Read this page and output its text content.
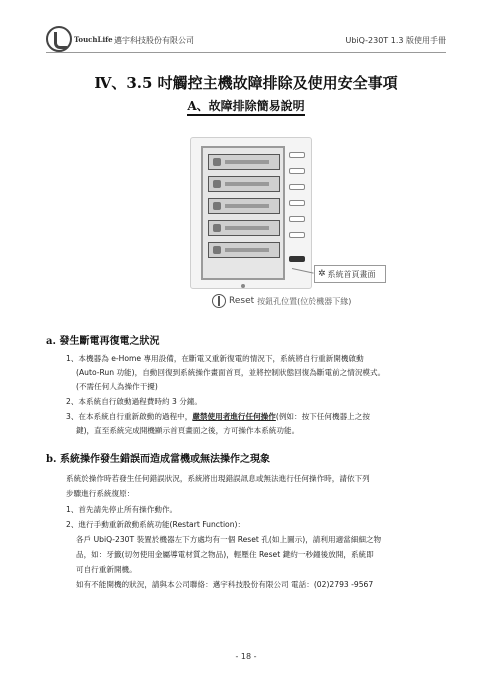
TouchLife 邁宇科技股份有限公司	UbiQ-230T 1.3 版使用手冊
Ⅳ、3.5 吋觸控主機故障排除及使用安全事項
A、故障排除簡易說明
✲ 系統首頁畫面
Reset 按鈕孔位置(位於機器下緣)
a. 發生斷電再復電之狀況
1、本機器為 e-Home 專用設備，在斷電又重新復電的情況下，系統將自行重新開機啟動
(Auto-Run 功能)，自動回復到系統操作畫面首頁，並將控制狀態回復為斷電前之情況模式。
(不需任何人為操作干擾)
2、本系統自行啟動過程費時約 3 分鐘。
3、在本系統自行重新啟動的過程中，嚴禁使用者進行任何操作(例如：按下任何機器上之按
鍵)，直至系統完成開機顯示首頁畫面之後，方可操作本系統功能。
b. 系統操作發生錯誤而造成當機或無法操作之現象
系統於操作時若發生任何錯誤狀況，系統將出現錯誤訊息或無法進行任何操作時，請依下列
步驟進行系統復原：
1、首先請先停止所有操作動作。
2、進行手動重新啟動系統功能(Restart Function)：
各戶 UbiQ-230T 裝置於機器左下方處均有一個 Reset 孔(如上圖示)，請利用適當細細之物
品，如：牙籤(切勿使用金屬導電材質之物品)，輕壓住 Reset 鍵約一秒鐘後放開，系統即
可自行重新開機。
如有不能開機的狀況，請與本公司聯絡：邁宇科技股份有限公司 電話：(02)2793 -9567
- 18 -
